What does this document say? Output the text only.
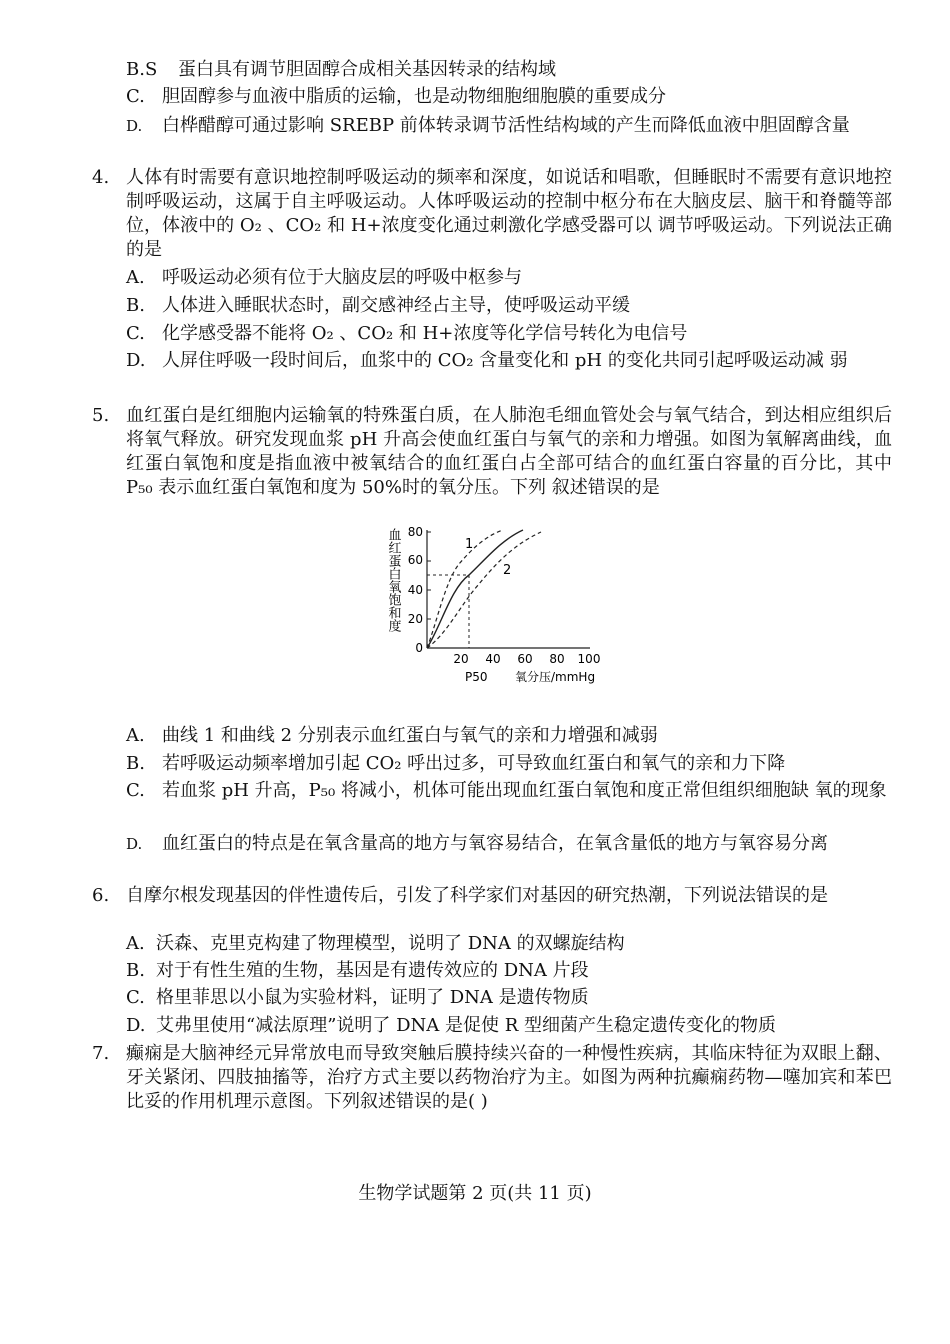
B.S 蛋白具有调节胆固醇合成相关基因转录的结构域
C. 胆固醇参与血液中脂质的运输，也是动物细胞细胞膜的重要成分
D.	白桦醋醇可通过影响 SREBP 前体转录调节活性结构域的产生而降低血液中胆固醇含量
4. 人体有时需要有意识地控制呼吸运动的频率和深度，如说话和唱歌，但睡眠时不需要有意识地控制呼吸运动，这属于自主呼吸运动。人体呼吸运动的控制中枢分布在大脑皮层、脑干和脊髓等部位，体液中的 O₂ 、CO₂ 和 H+浓度变化通过刺激化学感受器可以 调节呼吸运动。下列说法正确的是
A. 呼吸运动必须有位于大脑皮层的呼吸中枢参与
B. 人体进入睡眠状态时，副交感神经占主导，使呼吸运动平缓
C. 化学感受器不能将 O₂ 、CO₂ 和 H+浓度等化学信号转化为电信号
D. 人屏住呼吸一段时间后，血浆中的 CO₂ 含量变化和 pH 的变化共同引起呼吸运动减 弱
5. 血红蛋白是红细胞内运输氧的特殊蛋白质，在人肺泡毛细血管处会与氧气结合，到达相应组织后将氧气释放。研究发现血浆 pH 升高会使血红蛋白与氧气的亲和力增强。如图为氧解离曲线，血红蛋白氧饱和度是指血液中被氧结合的血红蛋白占全部可结合的血红蛋白容量的百分比，其中 P₅₀ 表示血红蛋白氧饱和度为 50%时的氧分压。下列 叙述错误的是
血红蛋白氧饱和度 80
60
40
20
0
20 40 60 80 100
1
2
P50 氧分压/mmHg
A. 曲线 1 和曲线 2 分别表示血红蛋白与氧气的亲和力增强和减弱
B. 若呼吸运动频率增加引起 CO₂ 呼出过多，可导致血红蛋白和氧气的亲和力下降
C. 若血浆 pH 升高，P₅₀ 将减小，机体可能出现血红蛋白氧饱和度正常但组织细胞缺 氧的现象
D.	血红蛋白的特点是在氧含量高的地方与氧容易结合，在氧含量低的地方与氧容易分离
6. 自摩尔根发现基因的伴性遗传后，引发了科学家们对基因的研究热潮，下列说法错误的是
A. 沃森、克里克构建了物理模型，说明了 DNA 的双螺旋结构
B. 对于有性生殖的生物，基因是有遗传效应的 DNA 片段
C. 格里菲思以小鼠为实验材料，证明了 DNA 是遗传物质
D. 艾弗里使用“减法原理”说明了 DNA 是促使 R 型细菌产生稳定遗传变化的物质
7. 癫痫是大脑神经元异常放电而导致突触后膜持续兴奋的一种慢性疾病，其临床特征为双眼上翻、牙关紧闭、四肢抽搐等，治疗方式主要以药物治疗为主。如图为两种抗癫痫药物—噻加宾和苯巴比妥的作用机理示意图。下列叙述错误的是( )
生物学试题第 2 页(共 11 页)
